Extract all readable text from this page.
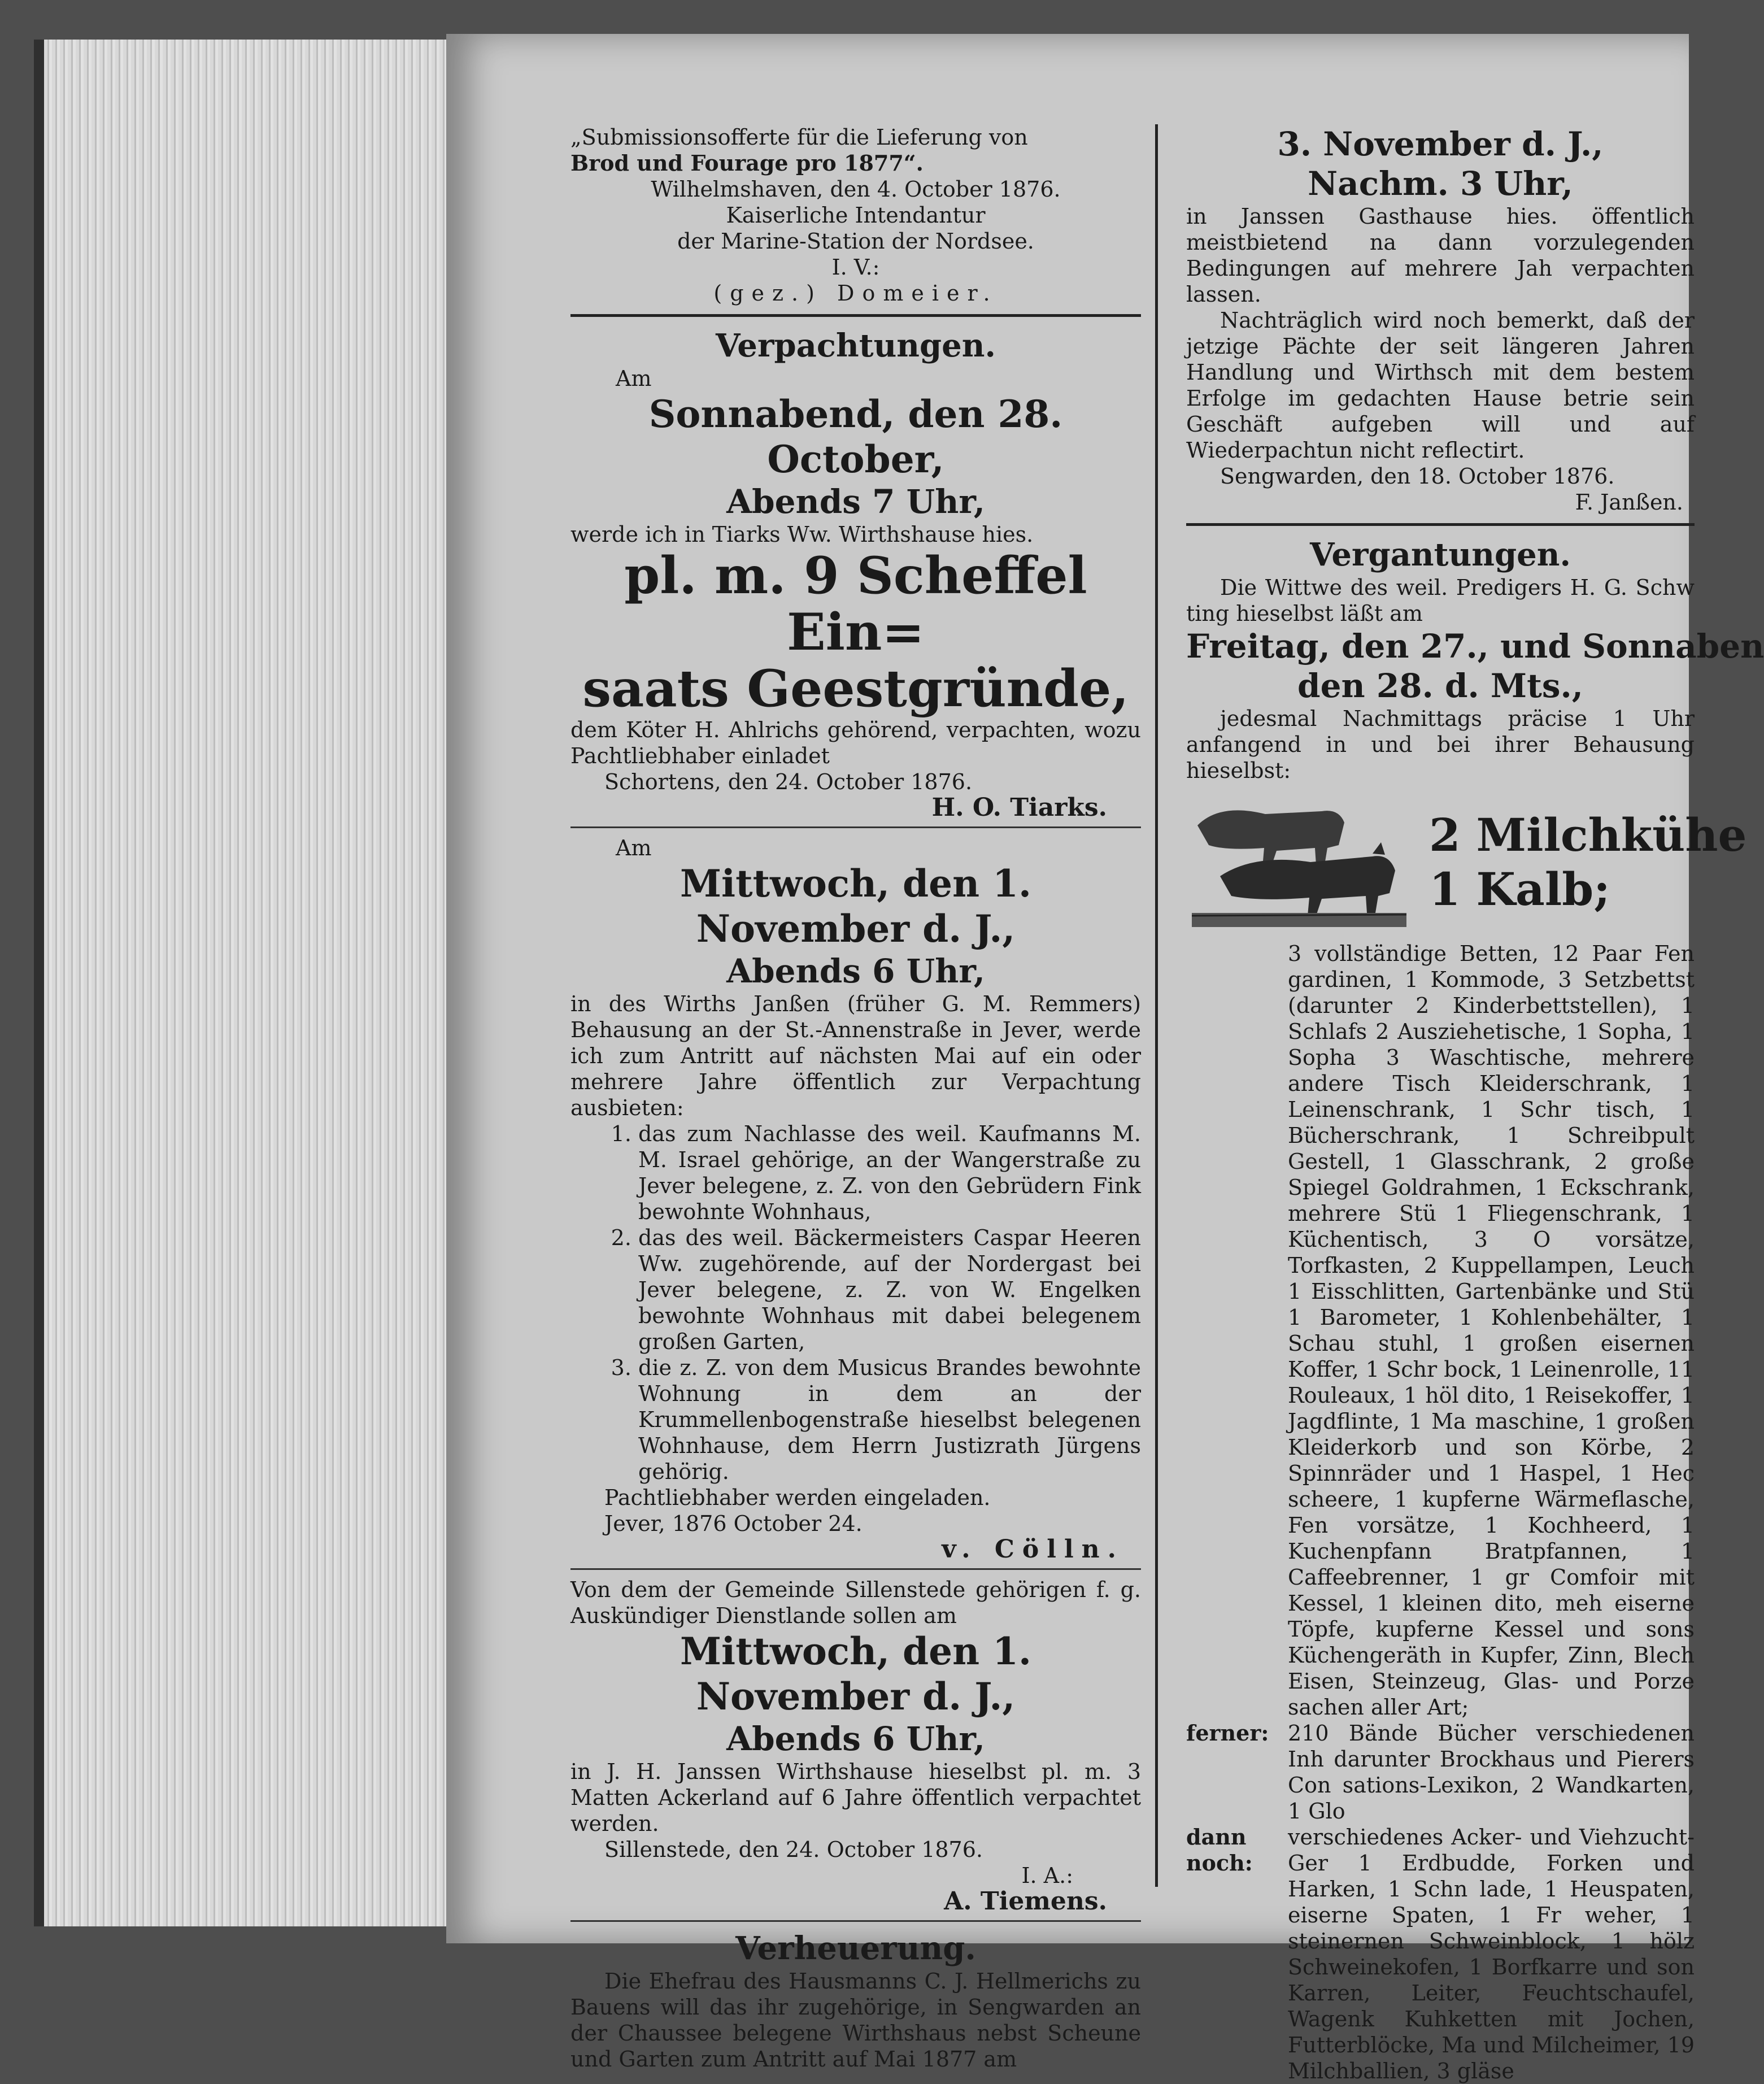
„Submissionsofferte für die Lieferung von
Brod und Fourage pro 1877“.
Wilhelmshaven, den 4. October 1876.
Kaiserliche Intendantur
der Marine-Station der Nordsee.
I. V.:
(gez.) Domeier.
Verpachtungen.
Am
Sonnabend, den 28. October,
Abends 7 Uhr,
werde ich in Tiarks Ww. Wirthshause hies.
pl. m. 9 Scheffel Ein=
saats Geestgründe,
dem Köter H. Ahlrichs gehörend, verpachten, wozu Pachtliebhaber einladet
Schortens, den 24. October 1876.
H. O. Tiarks.
Am
Mittwoch, den 1. November d. J.,
Abends 6 Uhr,
in des Wirths Janßen (früher G. M. Remmers) Behausung an der St.-Annenstraße in Jever, werde ich zum Antritt auf nächsten Mai auf ein oder mehrere Jahre öffentlich zur Verpachtung ausbieten:
1. das zum Nachlasse des weil. Kaufmanns M. M. Israel gehörige, an der Wangerstraße zu Jever belegene, z. Z. von den Gebrüdern Fink bewohnte Wohnhaus,
2. das des weil. Bäckermeisters Caspar Heeren Ww. zugehörende, auf der Nordergast bei Jever belegene, z. Z. von W. Engelken bewohnte Wohnhaus mit dabei belegenem großen Garten,
3. die z. Z. von dem Musicus Brandes bewohnte Wohnung in dem an der Krummellenbogenstraße hieselbst belegenen Wohnhause, dem Herrn Justizrath Jürgens gehörig.
Pachtliebhaber werden eingeladen.
Jever, 1876 October 24.
v. Cölln.
Von dem der Gemeinde Sillenstede gehörigen f. g. Auskündiger Dienstlande sollen am
Mittwoch, den 1. November d. J.,
Abends 6 Uhr,
in J. H. Janssen Wirthshause hieselbst pl. m. 3 Matten Ackerland auf 6 Jahre öffentlich verpachtet werden.
Sillenstede, den 24. October 1876.
I. A.:
A. Tiemens.
Verheuerung.
Die Ehefrau des Hausmanns C. J. Hellmerichs zu Bauens will das ihr zugehörige, in Sengwarden an der Chaussee belegene Wirthshaus nebst Scheune und Garten zum Antritt auf Mai 1877 am
3. November d. J.,
Nachm. 3 Uhr,
in Janssen Gasthause hies. öffentlich meistbietend na dann vorzulegenden Bedingungen auf mehrere Jah verpachten lassen.
Nachträglich wird noch bemerkt, daß der jetzige Pächte der seit längeren Jahren Handlung und Wirthsch mit dem bestem Erfolge im gedachten Hause betrie sein Geschäft aufgeben will und auf Wiederpachtun nicht reflectirt.
Sengwarden, den 18. October 1876.
F. Janßen.
Vergantungen.
Die Wittwe des weil. Predigers H. G. Schw ting hieselbst läßt am
Freitag, den 27., und Sonnaben
den 28. d. Mts.,
jedesmal Nachmittags präcise 1 Uhr anfangend in und bei ihrer Behausung hieselbst:
2 Milchkühe
1 Kalb;
3 vollständige Betten, 12 Paar Fen gardinen, 1 Kommode, 3 Setzbettst (darunter 2 Kinderbettstellen), 1 Schlafs 2 Ausziehetische, 1 Sopha, 1 Sopha 3 Waschtische, mehrere andere Tisch Kleiderschrank, 1 Leinenschrank, 1 Schr tisch, 1 Bücherschrank, 1 Schreibpult Gestell, 1 Glasschrank, 2 große Spiegel Goldrahmen, 1 Eckschrank, mehrere Stü 1 Fliegenschrank, 1 Küchentisch, 3 O vorsätze, Torfkasten, 2 Kuppellampen, Leuch 1 Eisschlitten, Gartenbänke und Stü 1 Barometer, 1 Kohlenbehälter, 1 Schau stuhl, 1 großen eisernen Koffer, 1 Schr bock, 1 Leinenrolle, 11 Rouleaux, 1 höl dito, 1 Reisekoffer, 1 Jagdflinte, 1 Ma maschine, 1 großen Kleiderkorb und son Körbe, 2 Spinnräder und 1 Haspel, 1 Hec scheere, 1 kupferne Wärmeflasche, Fen vorsätze, 1 Kochheerd, 1 Kuchenpfann Bratpfannen, 1 Caffeebrenner, 1 gr Comfoir mit Kessel, 1 kleinen dito, meh eiserne Töpfe, kupferne Kessel und sons Küchengeräth in Kupfer, Zinn, Blech Eisen, Steinzeug, Glas- und Porze sachen aller Art;
ferner: 210 Bände Bücher verschiedenen Inh darunter Brockhaus und Pierers Con sations-Lexikon, 2 Wandkarten, 1 Glo
dann noch:
verschiedenes Acker- und Viehzucht-Ger 1 Erdbudde, Forken und Harken, 1 Schn lade, 1 Heuspaten, eiserne Spaten, 1 Fr weher, 1 steinernen Schweinblock, 1 hölz Schweinekofen, 1 Borfkarre und son Karren, Leiter, Feuchtschaufel, Wagenk Kuhketten mit Jochen, Futterblöcke, Ma und Milcheimer, 19 Milchballien, 3 gläse
